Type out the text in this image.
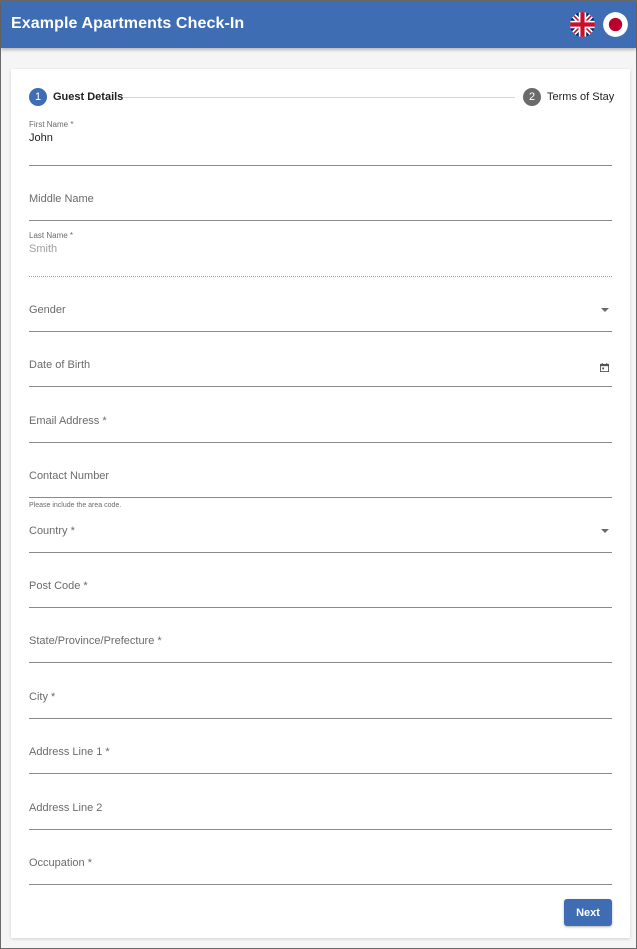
Example Apartments Check-In
1	Guest Details	2	Terms of Stay
First Name *
John
Middle Name
Last Name *
Smith
Gender
Date of Birth
Email Address *
Contact Number
Please include the area code.
Country *
Post Code *
State/Province/Prefecture *
City *
Address Line 1 *
Address Line 2
Occupation *
Next
